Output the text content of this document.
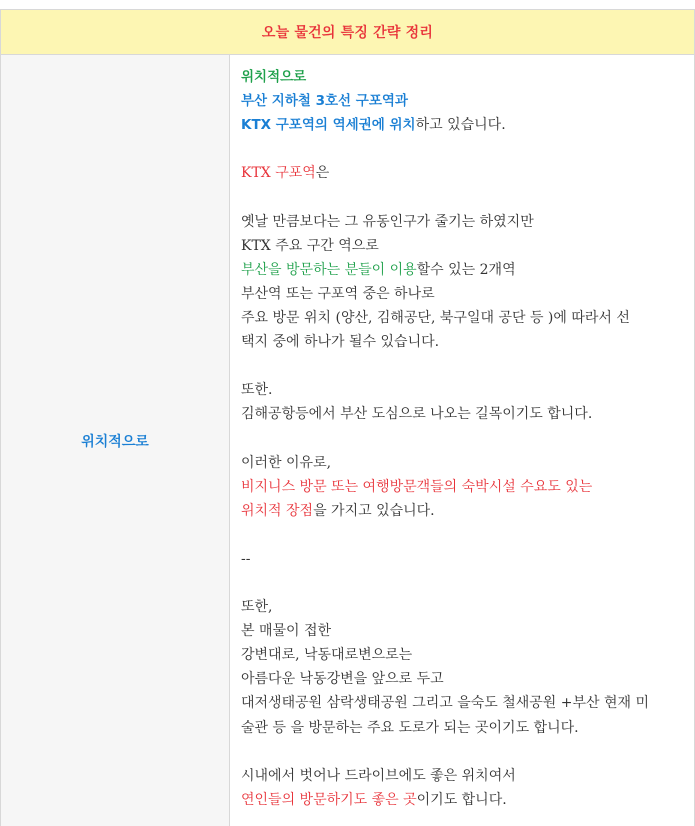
오늘 물건의 특징 간략 정리
위치적으로
위치적으로
부산 지하철 3호선 구포역과
KTX 구포역의 역세권에 위치하고 있습니다.
KTX 구포역은
옛날 만큼보다는 그 유동인구가 줄기는 하였지만
KTX 주요 구간 역으로
부산을 방문하는 분들이 이용할수 있는 2개역
부산역 또는 구포역 중은 하나로
주요 방문 위치 (양산, 김해공단, 북구일대 공단 등 )에 따라서 선
택지 중에 하나가 될수 있습니다.
또한.
김해공항등에서 부산 도심으로 나오는 길목이기도 합니다.
이러한 이유로,
비지니스 방문 또는 여행방문객들의 숙박시설 수요도 있는
위치적 장점을 가지고 있습니다.
--
또한,
본 매물이 접한
강변대로, 낙동대로변으로는
아름다운 낙동강변을 앞으로 두고
대저생태공원 삼락생태공원 그리고 을숙도 철새공원 +부산 현재 미
술관 등 을 방문하는 주요 도로가 되는 곳이기도 합니다.
시내에서 벗어나 드라이브에도 좋은 위치여서
연인들의 방문하기도 좋은 곳이기도 합니다.
